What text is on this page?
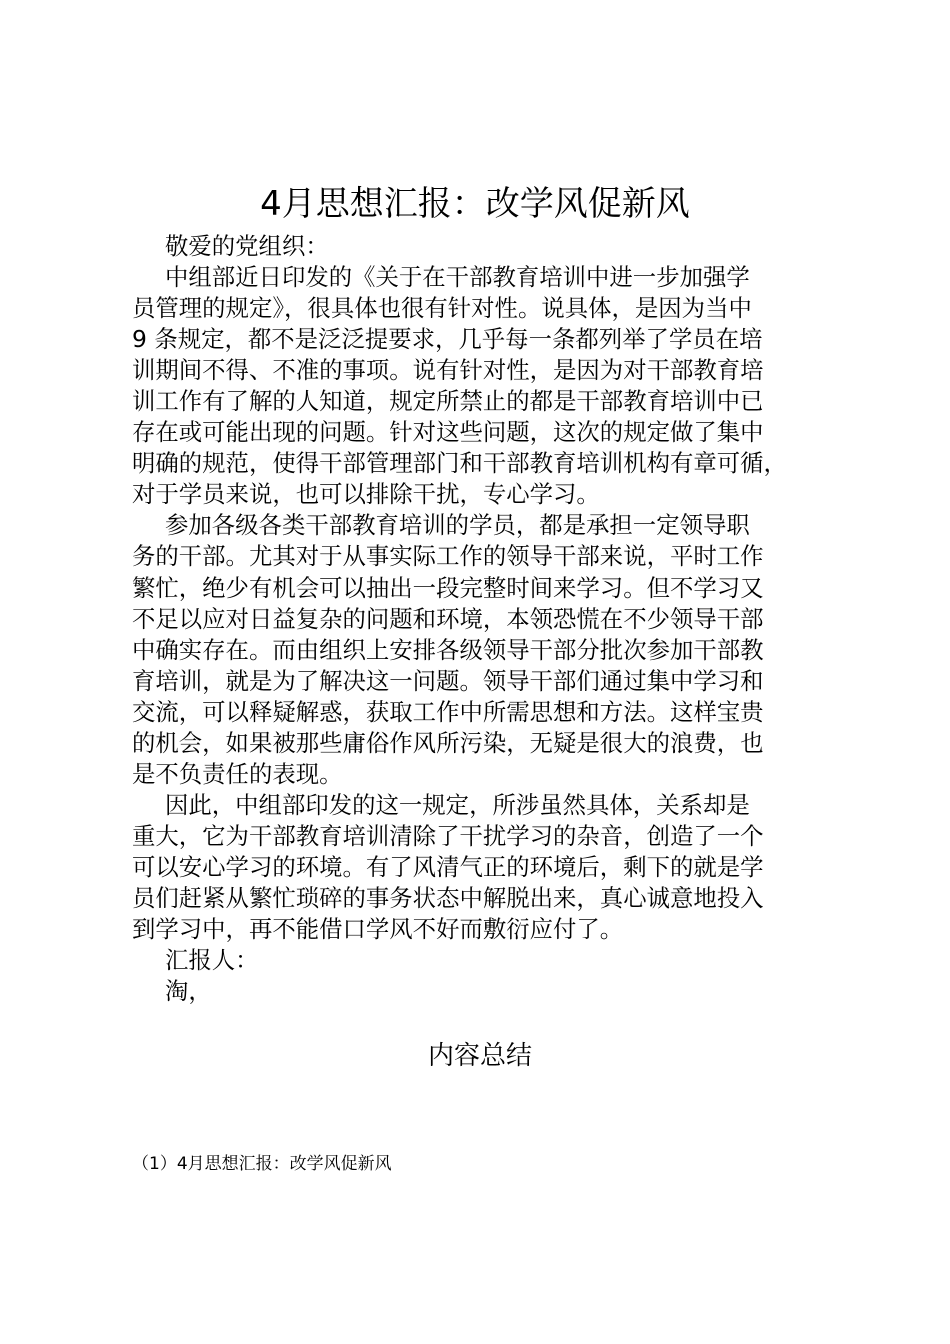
4月思想汇报：改学风促新风

敬爱的党组织：

中组部近日印发的《关于在干部教育培训中进一步加强学
员管理的规定》，很具体也很有针对性。说具体，是因为当中
9 条规定，都不是泛泛提要求，几乎每一条都列举了学员在培
训期间不得、不准的事项。说有针对性，是因为对干部教育培
训工作有了解的人知道，规定所禁止的都是干部教育培训中已
存在或可能出现的问题。针对这些问题，这次的规定做了集中
明确的规范，使得干部管理部门和干部教育培训机构有章可循，
对于学员来说，也可以排除干扰，专心学习。

参加各级各类干部教育培训的学员，都是承担一定领导职
务的干部。尤其对于从事实际工作的领导干部来说，平时工作
繁忙，绝少有机会可以抽出一段完整时间来学习。但不学习又
不足以应对日益复杂的问题和环境，本领恐慌在不少领导干部
中确实存在。而由组织上安排各级领导干部分批次参加干部教
育培训，就是为了解决这一问题。领导干部们通过集中学习和
交流，可以释疑解惑，获取工作中所需思想和方法。这样宝贵
的机会，如果被那些庸俗作风所污染，无疑是很大的浪费，也
是不负责任的表现。

因此，中组部印发的这一规定，所涉虽然具体，关系却是
重大，它为干部教育培训清除了干扰学习的杂音，创造了一个
可以安心学习的环境。有了风清气正的环境后，剩下的就是学
员们赶紧从繁忙琐碎的事务状态中解脱出来，真心诚意地投入
到学习中，再不能借口学风不好而敷衍应付了。

汇报人：

淘，

内容总结
（1）4月思想汇报：改学风促新风
